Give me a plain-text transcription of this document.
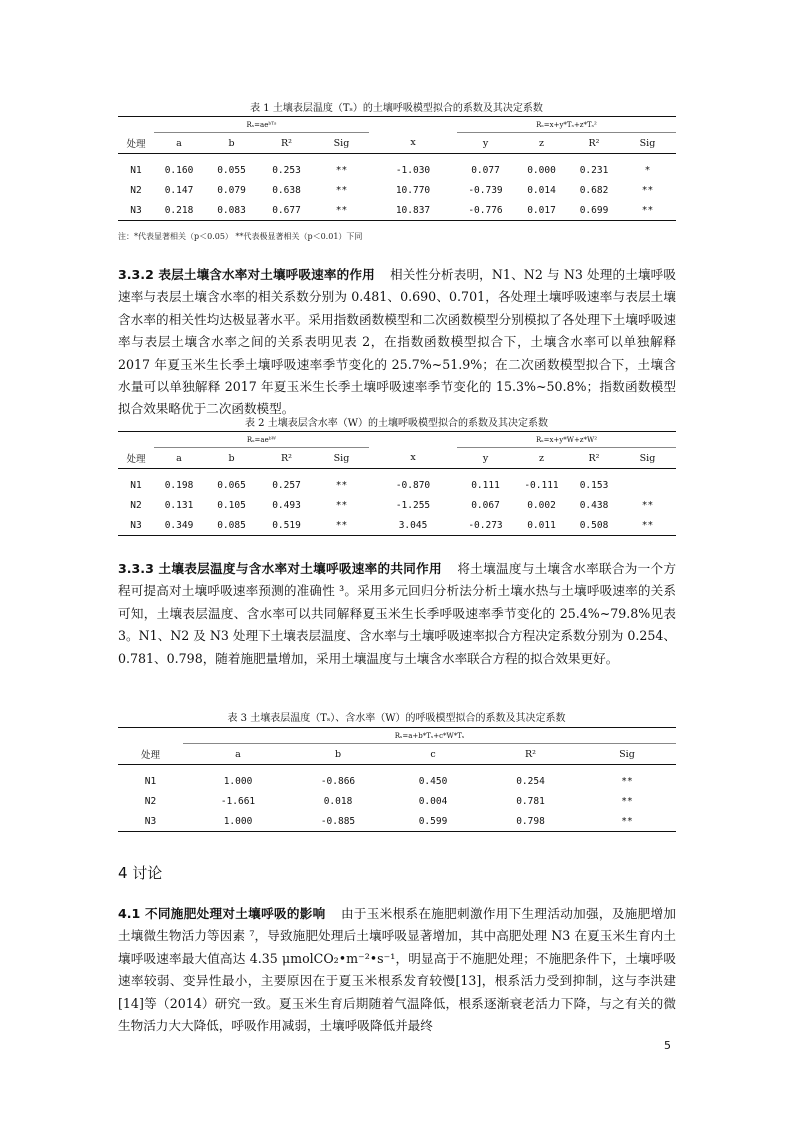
表 1 土壤表层温度（Tₛ）的土壤呼吸模型拟合的系数及其决定系数
	Rₛ=aeᵇᵀˢ					Rₛ=x+y*Tₛ+z*Tₛ²			
处理	a	b	R²	Sig	x	y	z	R²	Sig

N1	0.160	0.055	0.253	**	-1.030	0.077	0.000	0.231	*
N2	0.147	0.079	0.638	**	10.770	-0.739	0.014	0.682	**
N3	0.218	0.083	0.677	**	10.837	-0.776	0.017	0.699	**
注：*代表显著相关（p＜0.05） **代表极显著相关（p＜0.01）下同
3.3.2 表层土壤含水率对土壤呼吸速率的作用 相关性分析表明，N1、N2 与 N3 处理的土壤呼吸速率与表层土壤含水率的相关系数分别为 0.481、0.690、0.701，各处理土壤呼吸速率与表层土壤含水率的相关性均达极显著水平。采用指数函数模型和二次函数模型分别模拟了各处理下土壤呼吸速率与表层土壤含水率之间的关系表明见表 2，在指数函数模型拟合下，土壤含水率可以单独解释 2017 年夏玉米生长季土壤呼吸速率季节变化的 25.7%~51.9%；在二次函数模型拟合下，土壤含水量可以单独解释 2017 年夏玉米生长季土壤呼吸速率季节变化的 15.3%~50.8%；指数函数模型拟合效果略优于二次函数模型。
表 2 土壤表层含水率（W）的土壤呼吸模型拟合的系数及其决定系数
	Rₛ=aeᵇᵂ					Rₛ=x+y*W+z*W²			
处理	a	b	R²	Sig	x	y	z	R²	Sig

N1	0.198	0.065	0.257	**	-0.870	0.111	-0.111	0.153	
N2	0.131	0.105	0.493	**	-1.255	0.067	0.002	0.438	**
N3	0.349	0.085	0.519	**	3.045	-0.273	0.011	0.508	**
3.3.3 土壤表层温度与含水率对土壤呼吸速率的共同作用 将土壤温度与土壤含水率联合为一个方程可提高对土壤呼吸速率预测的准确性 ³。采用多元回归分析法分析土壤水热与土壤呼吸速率的关系可知，土壤表层温度、含水率可以共同解释夏玉米生长季呼吸速率季节变化的 25.4%~79.8%见表 3。N1、N2 及 N3 处理下土壤表层温度、含水率与土壤呼吸速率拟合方程决定系数分别为 0.254、0.781、0.798，随着施肥量增加，采用土壤温度与土壤含水率联合方程的拟合效果更好。
表 3 土壤表层温度（Tₛ）、含水率（W）的呼吸模型拟合的系数及其决定系数
	Rₛ=a+b*Tₛ+c*W*Tₛ				
处理	a	b	c	R²	Sig

N1	1.000	-0.866	0.450	0.254	**
N2	-1.661	0.018	0.004	0.781	**
N3	1.000	-0.885	0.599	0.798	**
4 讨论
4.1 不同施肥处理对土壤呼吸的影响 由于玉米根系在施肥刺激作用下生理活动加强，及施肥增加土壤微生物活力等因素 ⁷，导致施肥处理后土壤呼吸显著增加，其中高肥处理 N3 在夏玉米生育内土壤呼吸速率最大值高达 4.35 μmolCO₂•m⁻²•s⁻¹，明显高于不施肥处理；不施肥条件下，土壤呼吸速率较弱、变异性最小，主要原因在于夏玉米根系发育较慢[13]，根系活力受到抑制，这与李洪建[14]等（2014）研究一致。夏玉米生育后期随着气温降低，根系逐渐衰老活力下降，与之有关的微生物活力大大降低，呼吸作用减弱，土壤呼吸降低并最终
5
